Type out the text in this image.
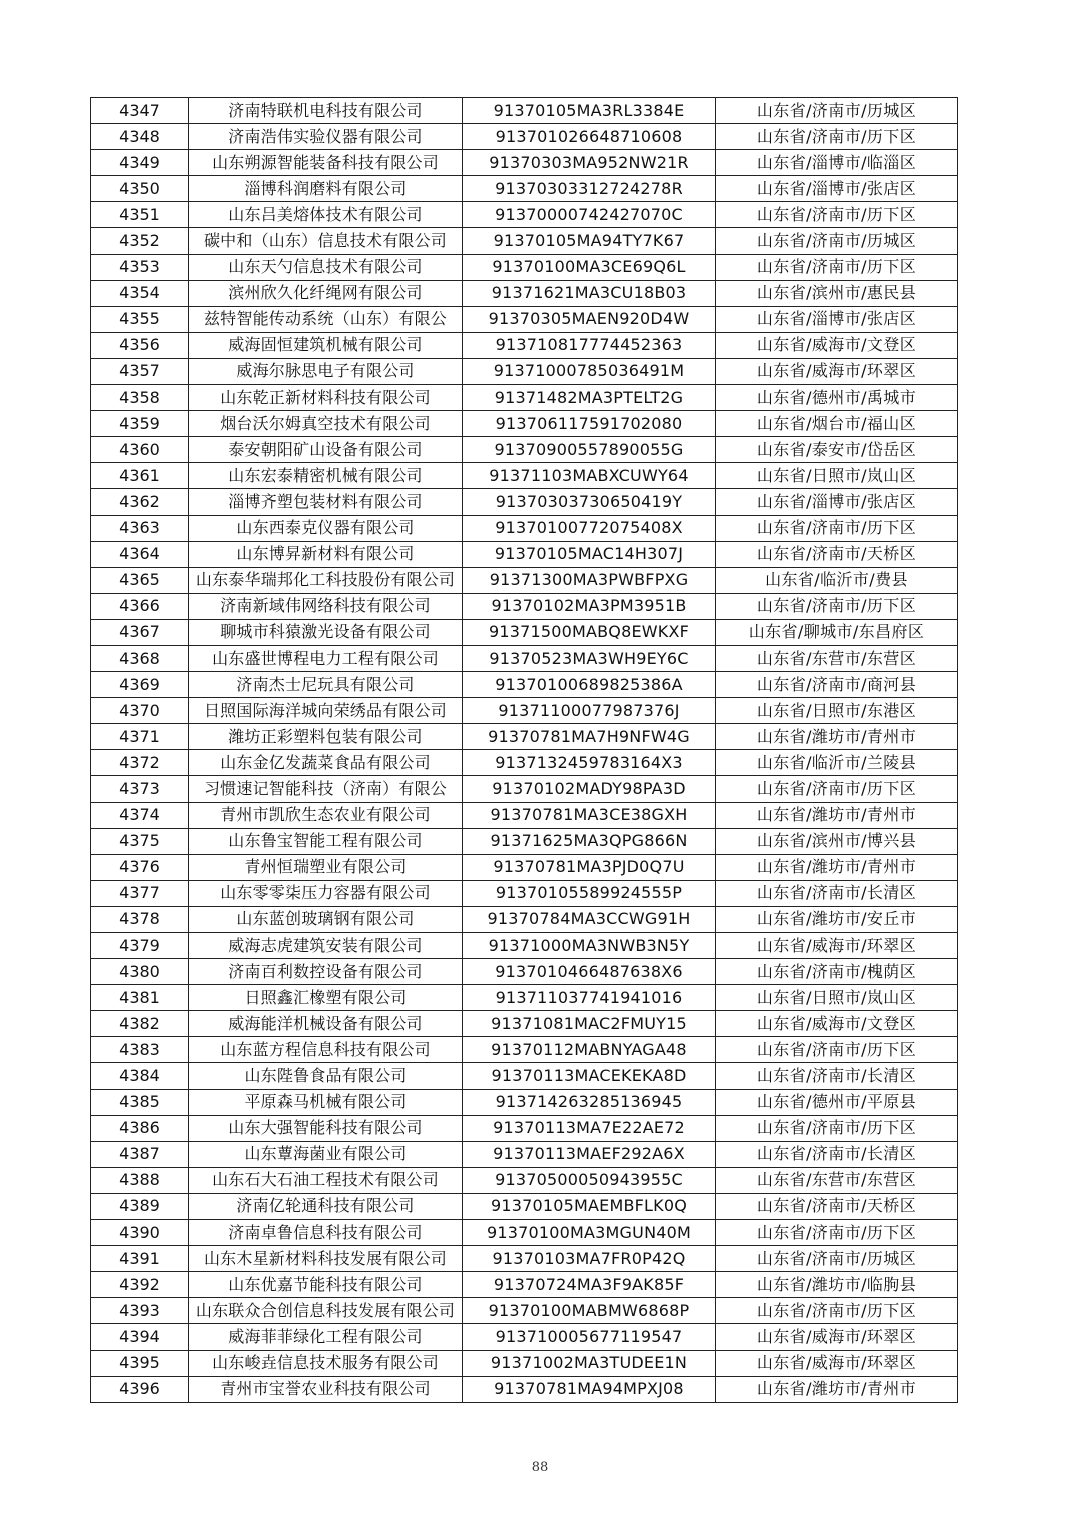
4347	济南特联机电科技有限公司	91370105MA3RL3384E	山东省/济南市/历城区
4348	济南浩伟实验仪器有限公司	913701026648710608	山东省/济南市/历下区
4349	山东朔源智能装备科技有限公司	91370303MA952NW21R	山东省/淄博市/临淄区
4350	淄博科润磨料有限公司	91370303312724278R	山东省/淄博市/张店区
4351	山东吕美熔体技术有限公司	91370000742427070C	山东省/济南市/历下区
4352	碳中和（山东）信息技术有限公司	91370105MA94TY7K67	山东省/济南市/历城区
4353	山东天勺信息技术有限公司	91370100MA3CE69Q6L	山东省/济南市/历下区
4354	滨州欣久化纤绳网有限公司	91371621MA3CU18B03	山东省/滨州市/惠民县
4355	兹特智能传动系统（山东）有限公	91370305MAEN920D4W	山东省/淄博市/张店区
4356	威海固恒建筑机械有限公司	913710817774452363	山东省/威海市/文登区
4357	威海尔脉思电子有限公司	91371000785036491M	山东省/威海市/环翠区
4358	山东乾正新材料科技有限公司	91371482MA3PTELT2G	山东省/德州市/禹城市
4359	烟台沃尔姆真空技术有限公司	913706117591702080	山东省/烟台市/福山区
4360	泰安朝阳矿山设备有限公司	91370900557890055G	山东省/泰安市/岱岳区
4361	山东宏泰精密机械有限公司	91371103MABXCUWY64	山东省/日照市/岚山区
4362	淄博齐塑包装材料有限公司	91370303730650419Y	山东省/淄博市/张店区
4363	山东西泰克仪器有限公司	91370100772075408X	山东省/济南市/历下区
4364	山东博昇新材料有限公司	91370105MAC14H307J	山东省/济南市/天桥区
4365	山东泰华瑞邦化工科技股份有限公司	91371300MA3PWBFPXG	山东省/临沂市/费县
4366	济南新域伟网络科技有限公司	91370102MA3PM3951B	山东省/济南市/历下区
4367	聊城市科猿激光设备有限公司	91371500MABQ8EWKXF	山东省/聊城市/东昌府区
4368	山东盛世博程电力工程有限公司	91370523MA3WH9EY6C	山东省/东营市/东营区
4369	济南杰士尼玩具有限公司	91370100689825386A	山东省/济南市/商河县
4370	日照国际海洋城向荣绣品有限公司	91371100077987376J	山东省/日照市/东港区
4371	潍坊正彩塑料包装有限公司	91370781MA7H9NFW4G	山东省/潍坊市/青州市
4372	山东金亿发蔬菜食品有限公司	9137132459783164X3	山东省/临沂市/兰陵县
4373	习惯速记智能科技（济南）有限公	91370102MADY98PA3D	山东省/济南市/历下区
4374	青州市凯欣生态农业有限公司	91370781MA3CE38GXH	山东省/潍坊市/青州市
4375	山东鲁宝智能工程有限公司	91371625MA3QPG866N	山东省/滨州市/博兴县
4376	青州恒瑞塑业有限公司	91370781MA3PJD0Q7U	山东省/潍坊市/青州市
4377	山东零零柒压力容器有限公司	91370105589924555P	山东省/济南市/长清区
4378	山东蓝创玻璃钢有限公司	91370784MA3CCWG91H	山东省/潍坊市/安丘市
4379	威海志虎建筑安装有限公司	91371000MA3NWB3N5Y	山东省/威海市/环翠区
4380	济南百利数控设备有限公司	9137010466487638X6	山东省/济南市/槐荫区
4381	日照鑫汇橡塑有限公司	913711037741941016	山东省/日照市/岚山区
4382	威海能洋机械设备有限公司	91371081MAC2FMUY15	山东省/威海市/文登区
4383	山东蓝方程信息科技有限公司	91370112MABNYAGA48	山东省/济南市/历下区
4384	山东陛鲁食品有限公司	91370113MACEKEKA8D	山东省/济南市/长清区
4385	平原森马机械有限公司	913714263285136945	山东省/德州市/平原县
4386	山东大强智能科技有限公司	91370113MA7E22AE72	山东省/济南市/历下区
4387	山东蕈海菌业有限公司	91370113MAEF292A6X	山东省/济南市/长清区
4388	山东石大石油工程技术有限公司	91370500050943955C	山东省/东营市/东营区
4389	济南亿轮通科技有限公司	91370105MAEMBFLK0Q	山东省/济南市/天桥区
4390	济南卓鲁信息科技有限公司	91370100MA3MGUN40M	山东省/济南市/历下区
4391	山东木星新材料科技发展有限公司	91370103MA7FR0P42Q	山东省/济南市/历城区
4392	山东优嘉节能科技有限公司	91370724MA3F9AK85F	山东省/潍坊市/临朐县
4393	山东联众合创信息科技发展有限公司	91370100MABMW6868P	山东省/济南市/历下区
4394	威海菲菲绿化工程有限公司	913710005677119547	山东省/威海市/环翠区
4395	山东峻垚信息技术服务有限公司	91371002MA3TUDEE1N	山东省/威海市/环翠区
4396	青州市宝誉农业科技有限公司	91370781MA94MPXJ08	山东省/潍坊市/青州市
88
